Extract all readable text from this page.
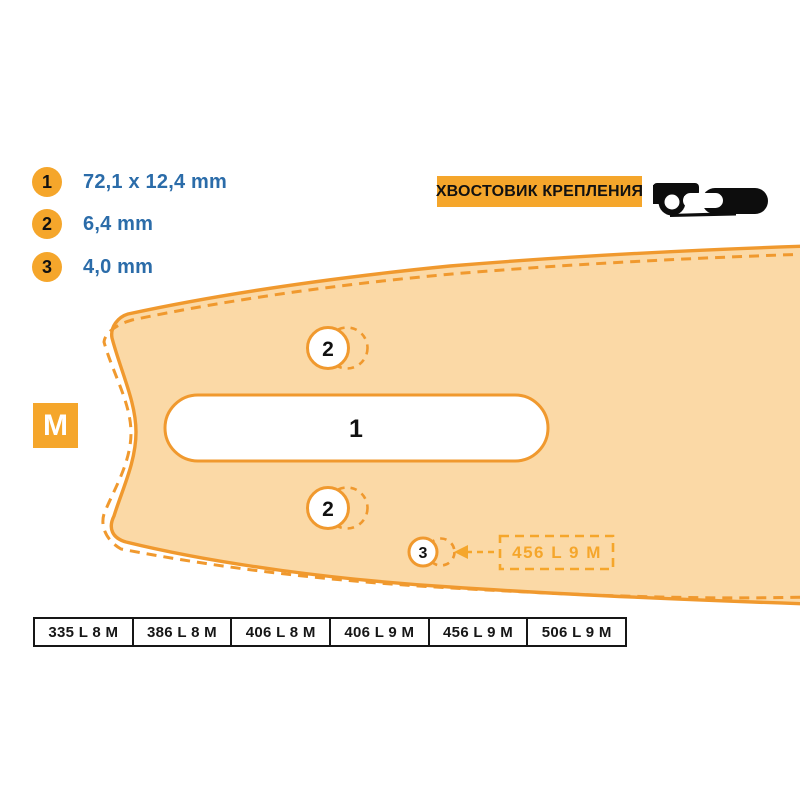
1
2
2
3	456 L 9 M
1	72,1 x 12,4 mm
2	6,4 mm
3	4,0 mm
ХВОСТОВИК КРЕПЛЕНИЯ
M
335 L 8 M	386 L 8 M	406 L 8 M	406 L 9 M	456 L 9 M	506 L 9 M
